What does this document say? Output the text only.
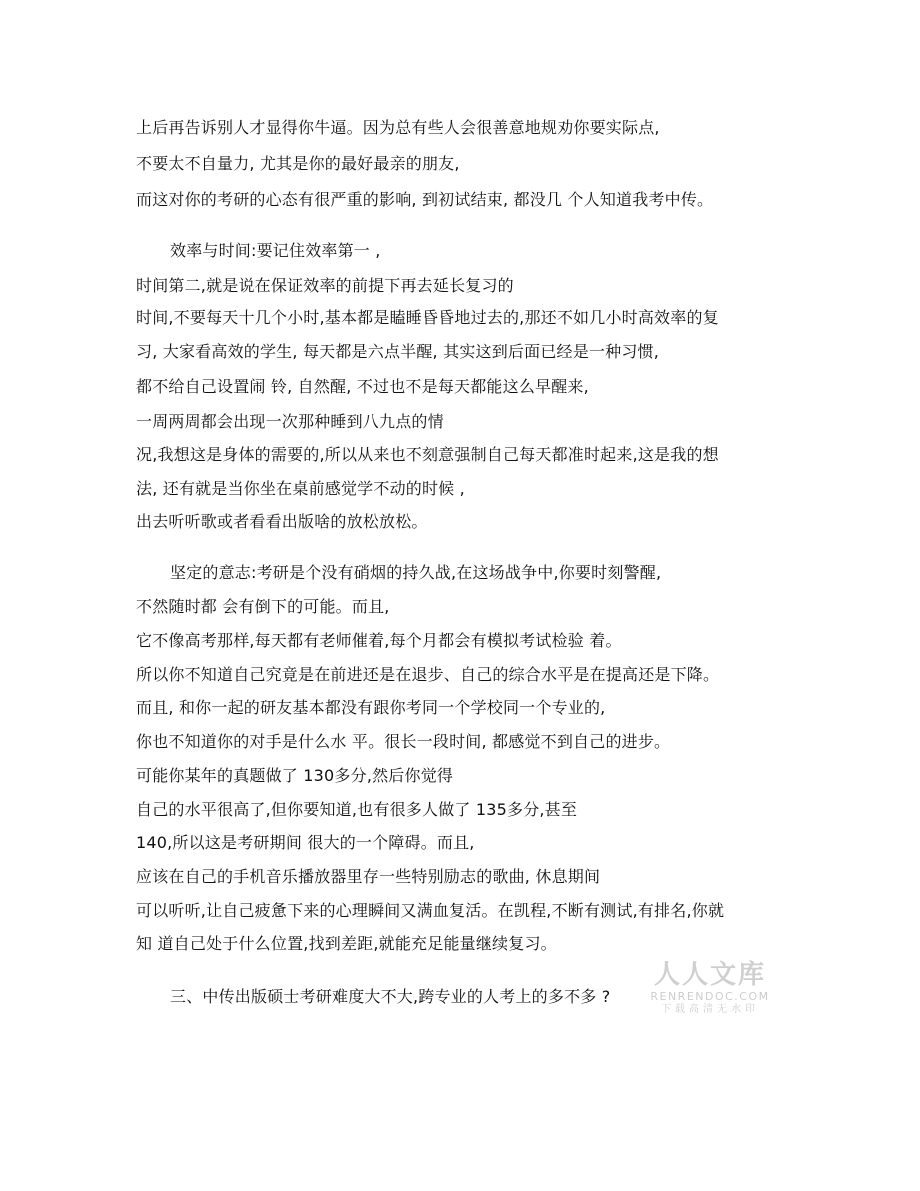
上后再告诉别人才显得你牛逼。因为总有些人会很善意地规劝你要实际点,
不要太不自量力, 尤其是你的最好最亲的朋友,
而这对你的考研的心态有很严重的影响, 到初试结束, 都没几 个人知道我考中传。
效率与时间:要记住效率第一 ,
时间第二,就是说在保证效率的前提下再去延长复习的
时间,不要每天十几个小时,基本都是瞌睡昏昏地过去的,那还不如几小时高效率的复
习, 大家看高效的学生, 每天都是六点半醒, 其实这到后面已经是一种习惯,
都不给自己设置闹 铃, 自然醒, 不过也不是每天都能这么早醒来,
一周两周都会出现一次那种睡到八九点的情
况,我想这是身体的需要的,所以从来也不刻意强制自己每天都准时起来,这是我的想
法, 还有就是当你坐在桌前感觉学不动的时候 ,
出去听听歌或者看看出版啥的放松放松。
坚定的意志:考研是个没有硝烟的持久战,在这场战争中,你要时刻警醒,
不然随时都 会有倒下的可能。而且,
它不像高考那样,每天都有老师催着,每个月都会有模拟考试检验 着。
所以你不知道自己究竟是在前进还是在退步、自己的综合水平是在提高还是下降。
而且, 和你一起的研友基本都没有跟你考同一个学校同一个专业的,
你也不知道你的对手是什么水 平。很长一段时间, 都感觉不到自己的进步。
可能你某年的真题做了 130多分,然后你觉得
自己的水平很高了,但你要知道,也有很多人做了 135多分,甚至
140,所以这是考研期间 很大的一个障碍。而且,
应该在自己的手机音乐播放器里存一些特别励志的歌曲, 休息期间
可以听听,让自己疲惫下来的心理瞬间又满血复活。在凯程,不断有测试,有排名,你就
知 道自己处于什么位置,找到差距,就能充足能量继续复习。
三、中传出版硕士考研难度大不大,跨专业的人考上的多不多 ?
人人文库
RENRENDOC.COM
下载高清无水印
